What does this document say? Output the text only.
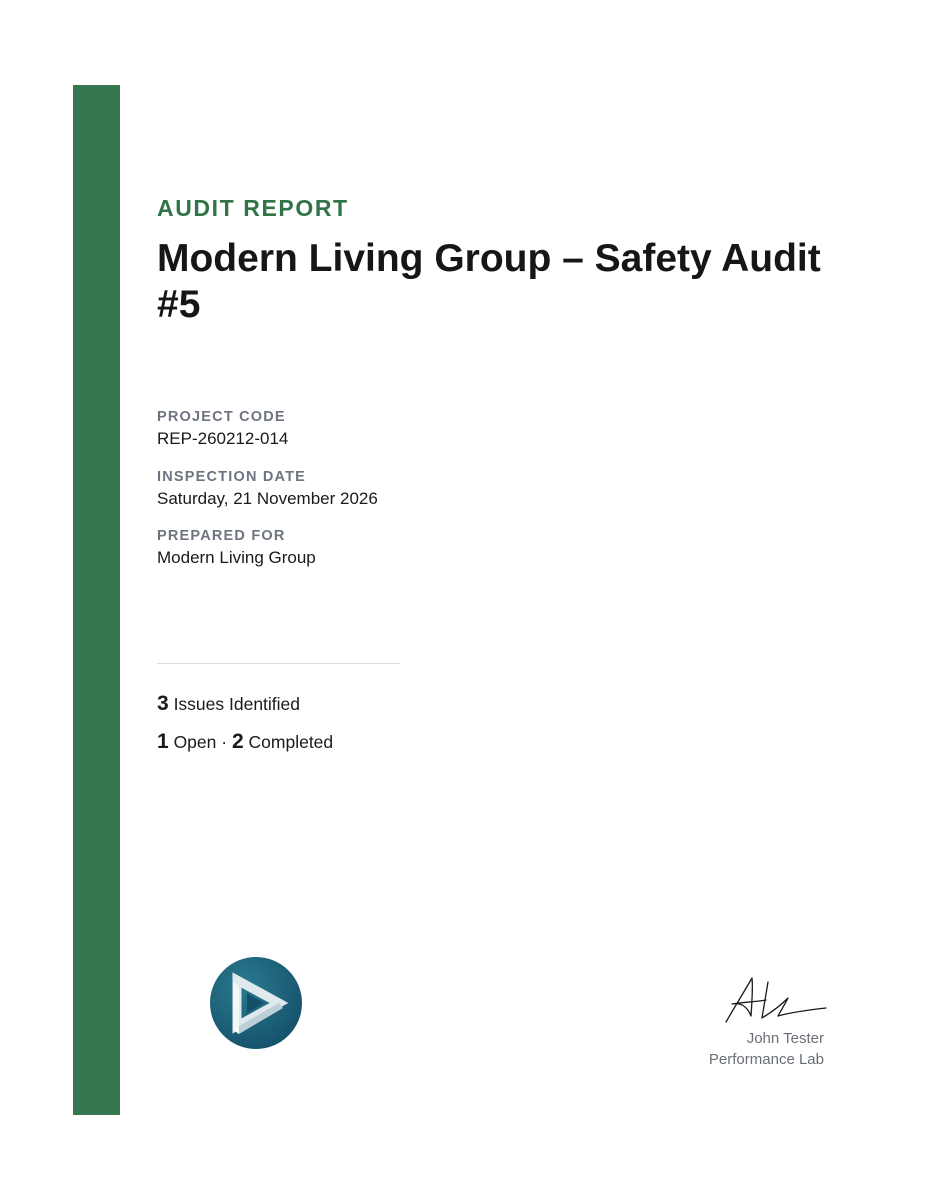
AUDIT REPORT
Modern Living Group – Safety Audit #5
PROJECT CODE
REP-260212-014
INSPECTION DATE
Saturday, 21 November 2026
PREPARED FOR
Modern Living Group
3 Issues Identified
1 Open · 2 Completed
John Tester
Performance Lab
